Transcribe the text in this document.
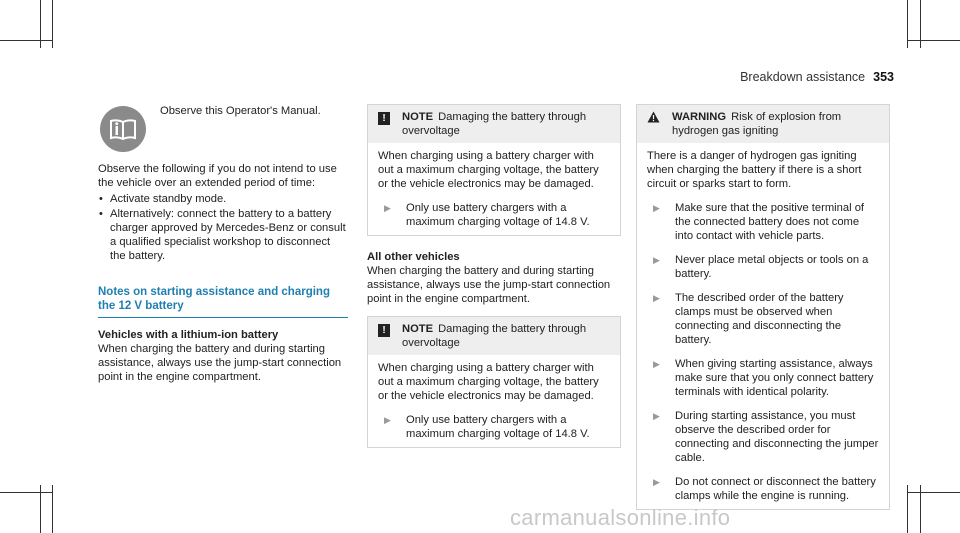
Breakdown assistance 353

Observe this Operator's Manual.

Observe the following if you do not intend to use the vehicle over an extended period of time:

• Activate standby mode.
• Alternatively: connect the battery to a battery charger approved by Mercedes-Benz or consult a qualified specialist workshop to disconnect the battery.
Notes on starting assistance and charging the 12 V battery

Vehicles with a lithium-ion battery

When charging the battery and during starting assistance, always use the jump-start connection point in the engine compartment.

!	NOTE Damaging the battery through overvoltage

When charging using a battery charger with out a maximum charging voltage, the battery or the vehicle electronics may be damaged.

▶	Only use battery chargers with a maximum charging voltage of 14.8 V.

All other vehicles

When charging the battery and during starting assistance, always use the jump-start connection point in the engine compartment.

!	NOTE Damaging the battery through overvoltage

When charging using a battery charger with out a maximum charging voltage, the battery or the vehicle electronics may be damaged.

▶	Only use battery chargers with a maximum charging voltage of 14.8 V.
WARNING Risk of explosion from hydrogen gas igniting

There is a danger of hydrogen gas igniting when charging the battery if there is a short circuit or sparks start to form.

▶	Make sure that the positive terminal of the connected battery does not come into contact with vehicle parts.
▶	Never place metal objects or tools on a battery.
▶	The described order of the battery clamps must be observed when connecting and disconnecting the battery.
▶	When giving starting assistance, always make sure that you only connect battery terminals with identical polarity.
▶	During starting assistance, you must observe the described order for connecting and disconnecting the jumper cable.
▶	Do not connect or disconnect the battery clamps while the engine is running.
carmanualsonline.info
